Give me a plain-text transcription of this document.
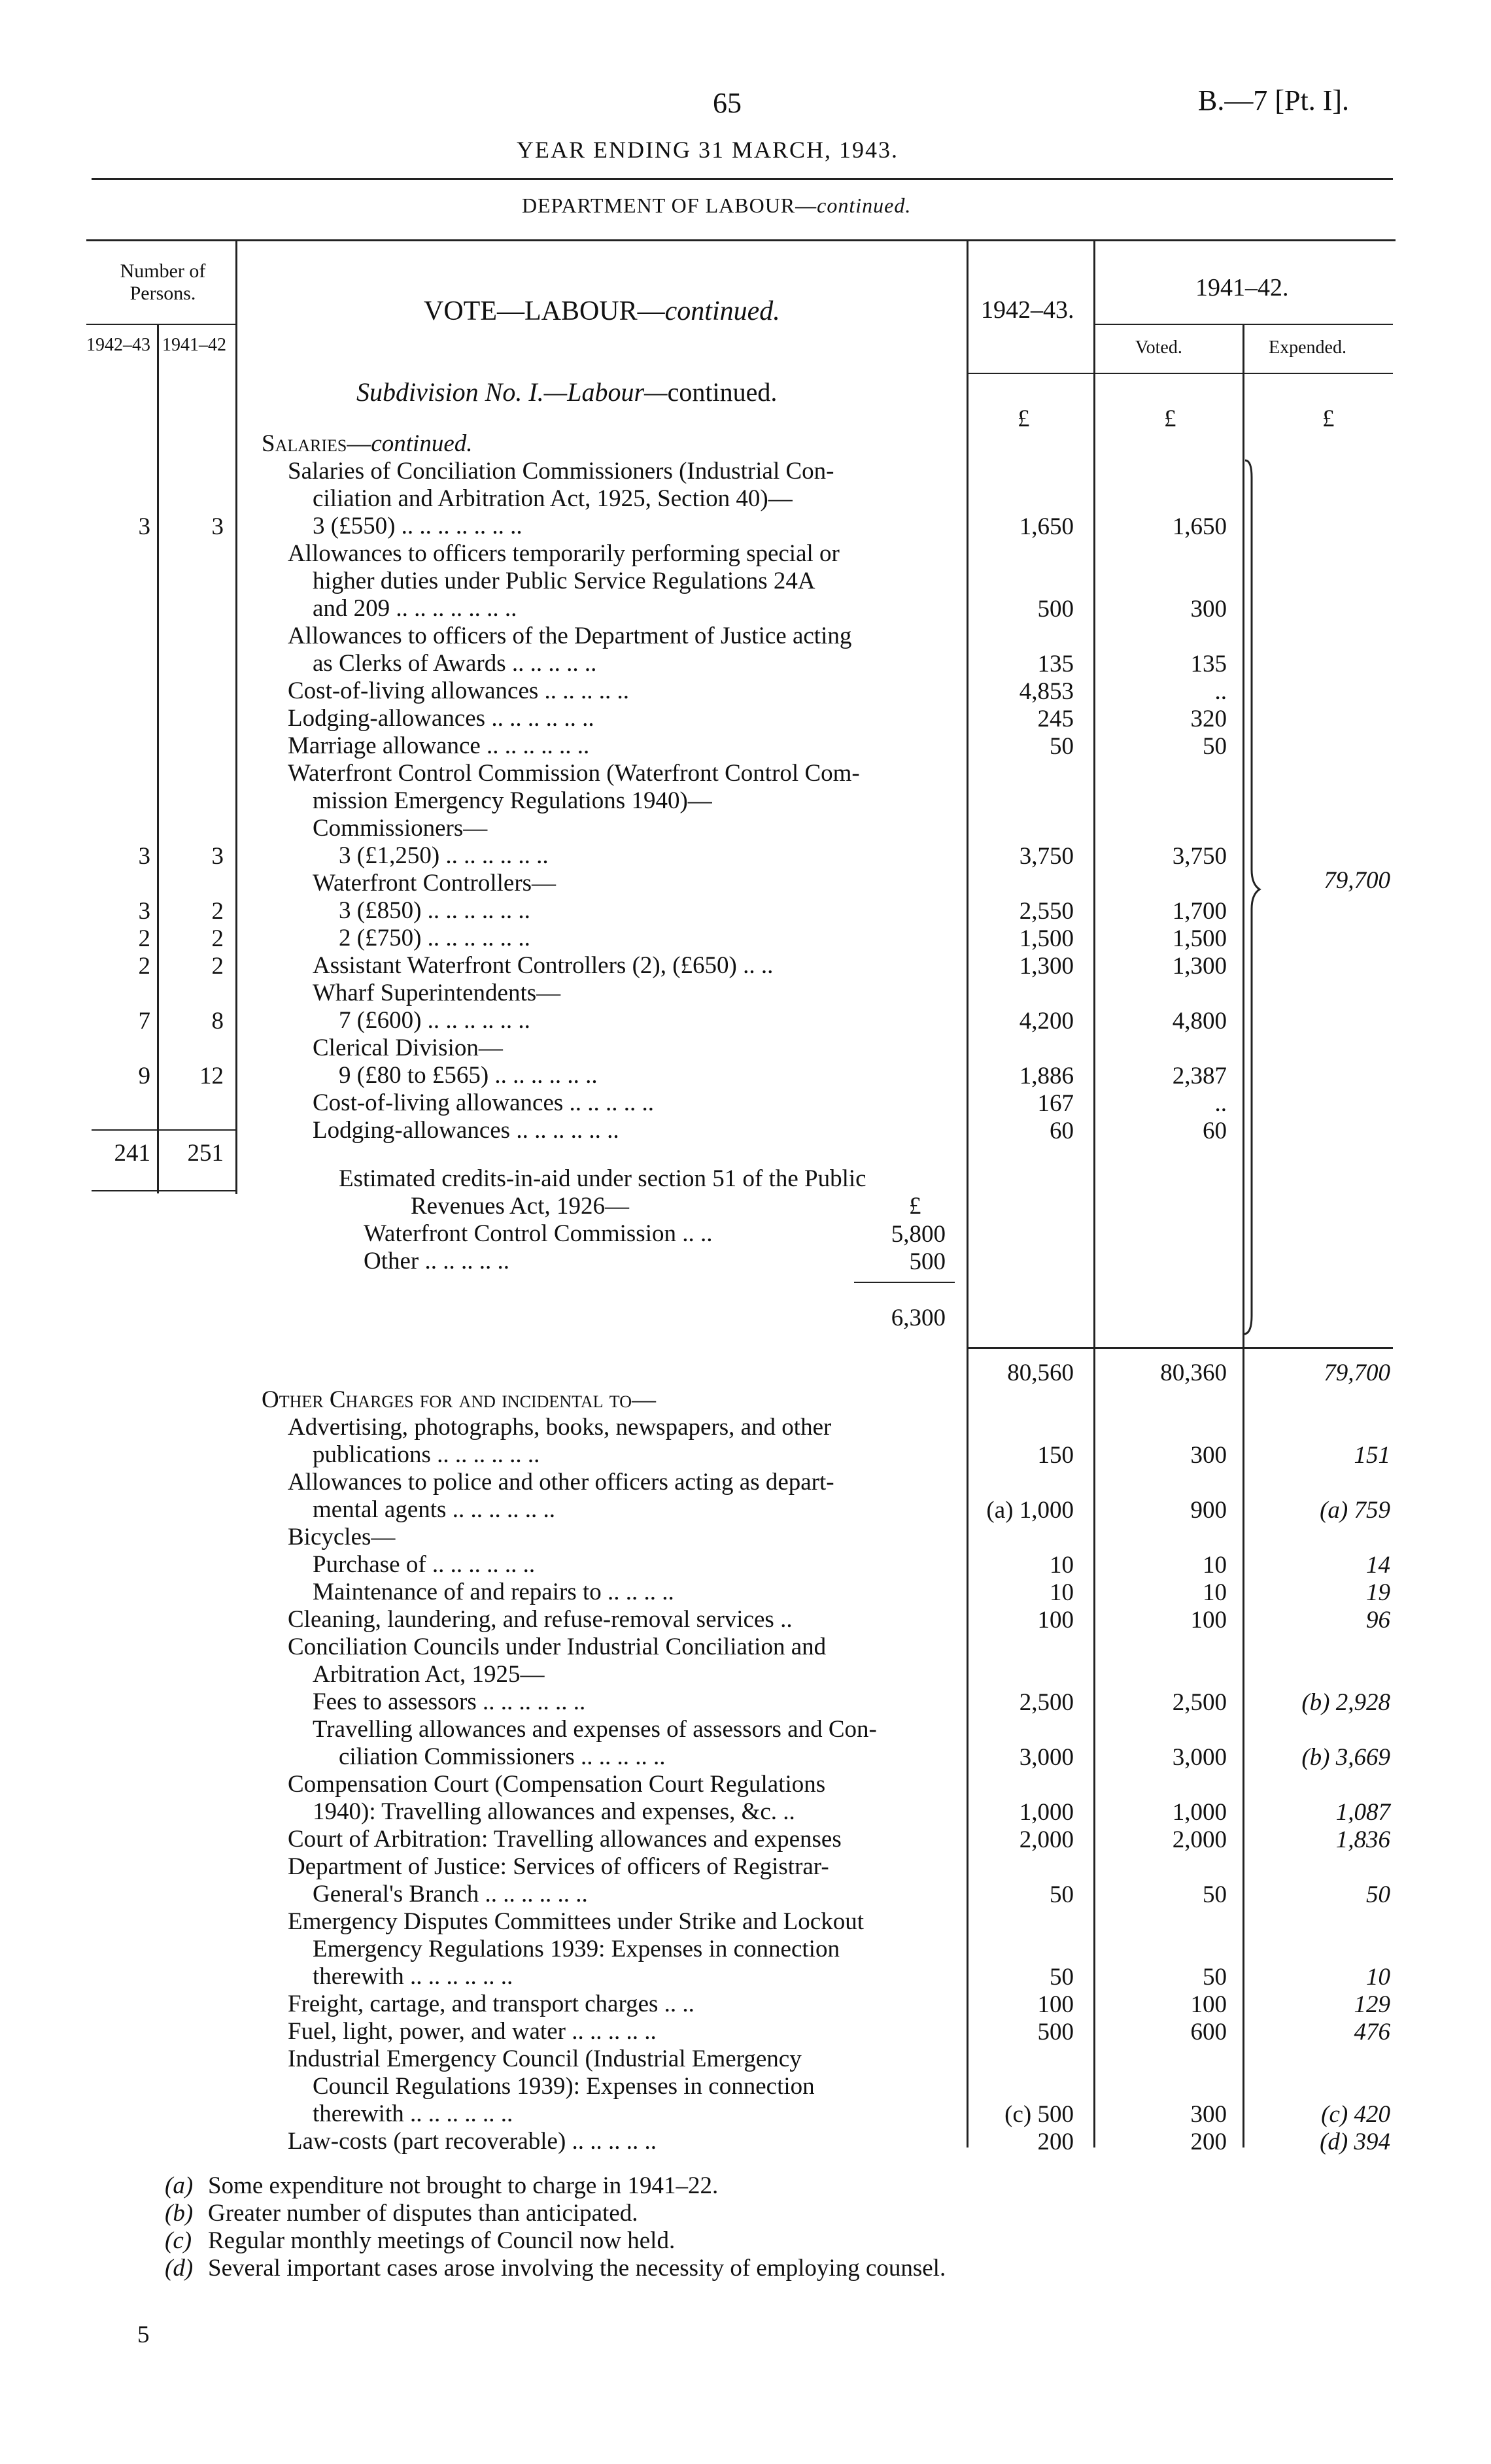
65	B.—7 [Pt. I].
YEAR ENDING 31 MARCH, 1943.
DEPARTMENT OF LABOUR—continued.
Number of Persons.
1942–43 1941–42
VOTE—LABOUR—continued.	1942–43.
1941–42.
Voted.	Expended.
Subdivision No. I.—Labour—continued.
£	£	£
Salaries—continued.
Salaries of Conciliation Commissioners (Industrial Con-
ciliation and Arbitration Act, 1925, Section 40)—
3 (£550) .. .. .. .. .. .. ..
3	3	1,650	1,650
Allowances to officers temporarily performing special or
higher duties under Public Service Regulations 24A
and 209 .. .. .. .. .. .. ..	500	300
Allowances to officers of the Department of Justice acting
as Clerks of Awards .. .. .. .. ..	135	135
Cost-of-living allowances .. .. .. .. ..	4,853	..
Lodging-allowances .. .. .. .. .. ..	245	320
Marriage allowance .. .. .. .. .. ..	50	50
Waterfront Control Commission (Waterfront Control Com-
mission Emergency Regulations 1940)—
Commissioners—
3 (£1,250) .. .. .. .. .. ..
3	3	3,750	3,750
Waterfront Controllers—
3 (£850) .. .. .. .. .. ..
3	2	2,550	1,700
2 (£750) .. .. .. .. .. ..
2	2	1,500	1,500
Assistant Waterfront Controllers (2), (£650) .. ..
2	2	1,300	1,300
Wharf Superintendents—
7 (£600) .. .. .. .. .. ..
7	8	4,200	4,800
Clerical Division—
9 (£80 to £565) .. .. .. .. .. ..
9	12	1,886	2,387
Cost-of-living allowances .. .. .. .. ..	167	..
Lodging-allowances .. .. .. .. .. ..	60	60
79,700
241	251
Estimated credits-in-aid under section 51 of the Public
Revenues Act, 1926—	£
Waterfront Control Commission .. ..	5,800
Other .. .. .. .. ..	500
6,300
80,560	80,360	79,700
Other Charges for and incidental to—
Advertising, photographs, books, newspapers, and other
publications .. .. .. .. .. ..	150	300	151
Allowances to police and other officers acting as depart-
mental agents .. .. .. .. .. ..	(a) 1,000	900	(a) 759
Bicycles—
Purchase of .. .. .. .. .. ..	10	10	14
Maintenance of and repairs to .. .. .. ..	10	10	19
Cleaning, laundering, and refuse-removal services ..	100	100	96
Conciliation Councils under Industrial Conciliation and
Arbitration Act, 1925—
Fees to assessors .. .. .. .. .. ..	2,500	2,500	(b) 2,928
Travelling allowances and expenses of assessors and Con-
ciliation Commissioners .. .. .. .. ..	3,000	3,000	(b) 3,669
Compensation Court (Compensation Court Regulations
1940): Travelling allowances and expenses, &c. ..	1,000	1,000	1,087
Court of Arbitration: Travelling allowances and expenses	2,000	2,000	1,836
Department of Justice: Services of officers of Registrar-
General's Branch .. .. .. .. .. ..	50	50	50
Emergency Disputes Committees under Strike and Lockout
Emergency Regulations 1939: Expenses in connection
therewith .. .. .. .. .. ..	50	50	10
Freight, cartage, and transport charges .. ..	100	100	129
Fuel, light, power, and water .. .. .. .. ..	500	600	476
Industrial Emergency Council (Industrial Emergency
Council Regulations 1939): Expenses in connection
therewith .. .. .. .. .. ..	(c) 500	300	(c) 420
Law-costs (part recoverable) .. .. .. .. ..	200	200	(d) 394
(a) Some expenditure not brought to charge in 1941–22.
(b) Greater number of disputes than anticipated.
(c) Regular monthly meetings of Council now held.
(d) Several important cases arose involving the necessity of employing counsel.
5
